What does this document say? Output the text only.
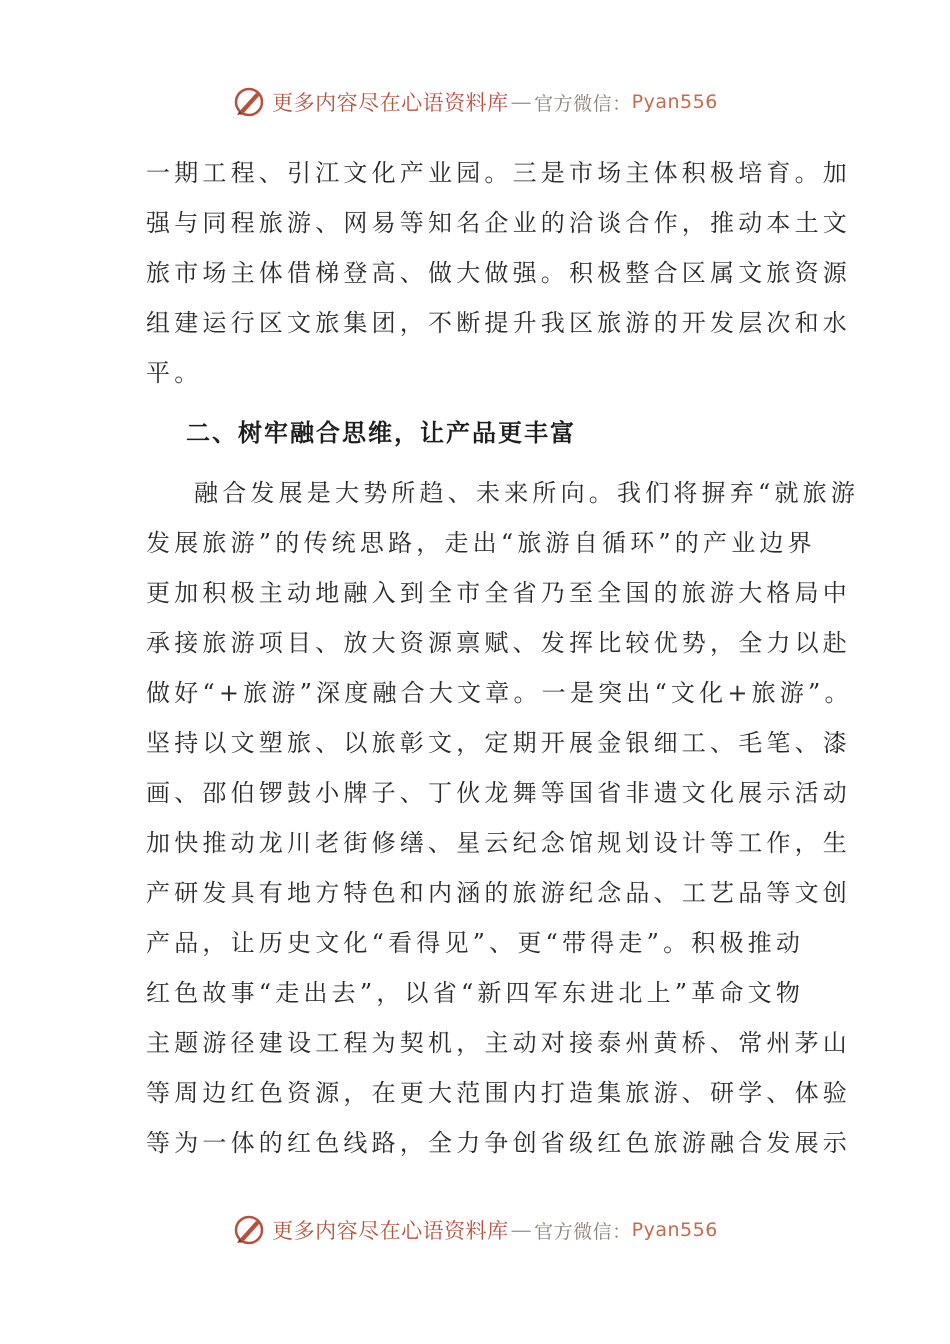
更多内容尽在心语资料库 — 官方微信： Pyan556
一期工程、引江文化产业园。三是市场主体积极培育。加
强与同程旅游、网易等知名企业的洽谈合作，推动本土文
旅市场主体借梯登高、做大做强。积极整合区属文旅资源
组建运行区文旅集团，不断提升我区旅游的开发层次和水
平。
二、树牢融合思维，让产品更丰富
融合发展是大势所趋、未来所向。我们将摒弃“就旅游
发展旅游”的传统思路，走出“旅游自循环”的产业边界
更加积极主动地融入到全市全省乃至全国的旅游大格局中
承接旅游项目、放大资源禀赋、发挥比较优势，全力以赴
做好“+旅游”深度融合大文章。一是突出“文化+旅游”。
坚持以文塑旅、以旅彰文，定期开展金银细工、毛笔、漆
画、邵伯锣鼓小牌子、丁伙龙舞等国省非遗文化展示活动
加快推动龙川老街修缮、星云纪念馆规划设计等工作，生
产研发具有地方特色和内涵的旅游纪念品、工艺品等文创
产品，让历史文化“看得见”、更“带得走”。积极推动
红色故事“走出去”，以省“新四军东进北上”革命文物
主题游径建设工程为契机，主动对接泰州黄桥、常州茅山
等周边红色资源，在更大范围内打造集旅游、研学、体验
等为一体的红色线路，全力争创省级红色旅游融合发展示
更多内容尽在心语资料库 — 官方微信： Pyan556
